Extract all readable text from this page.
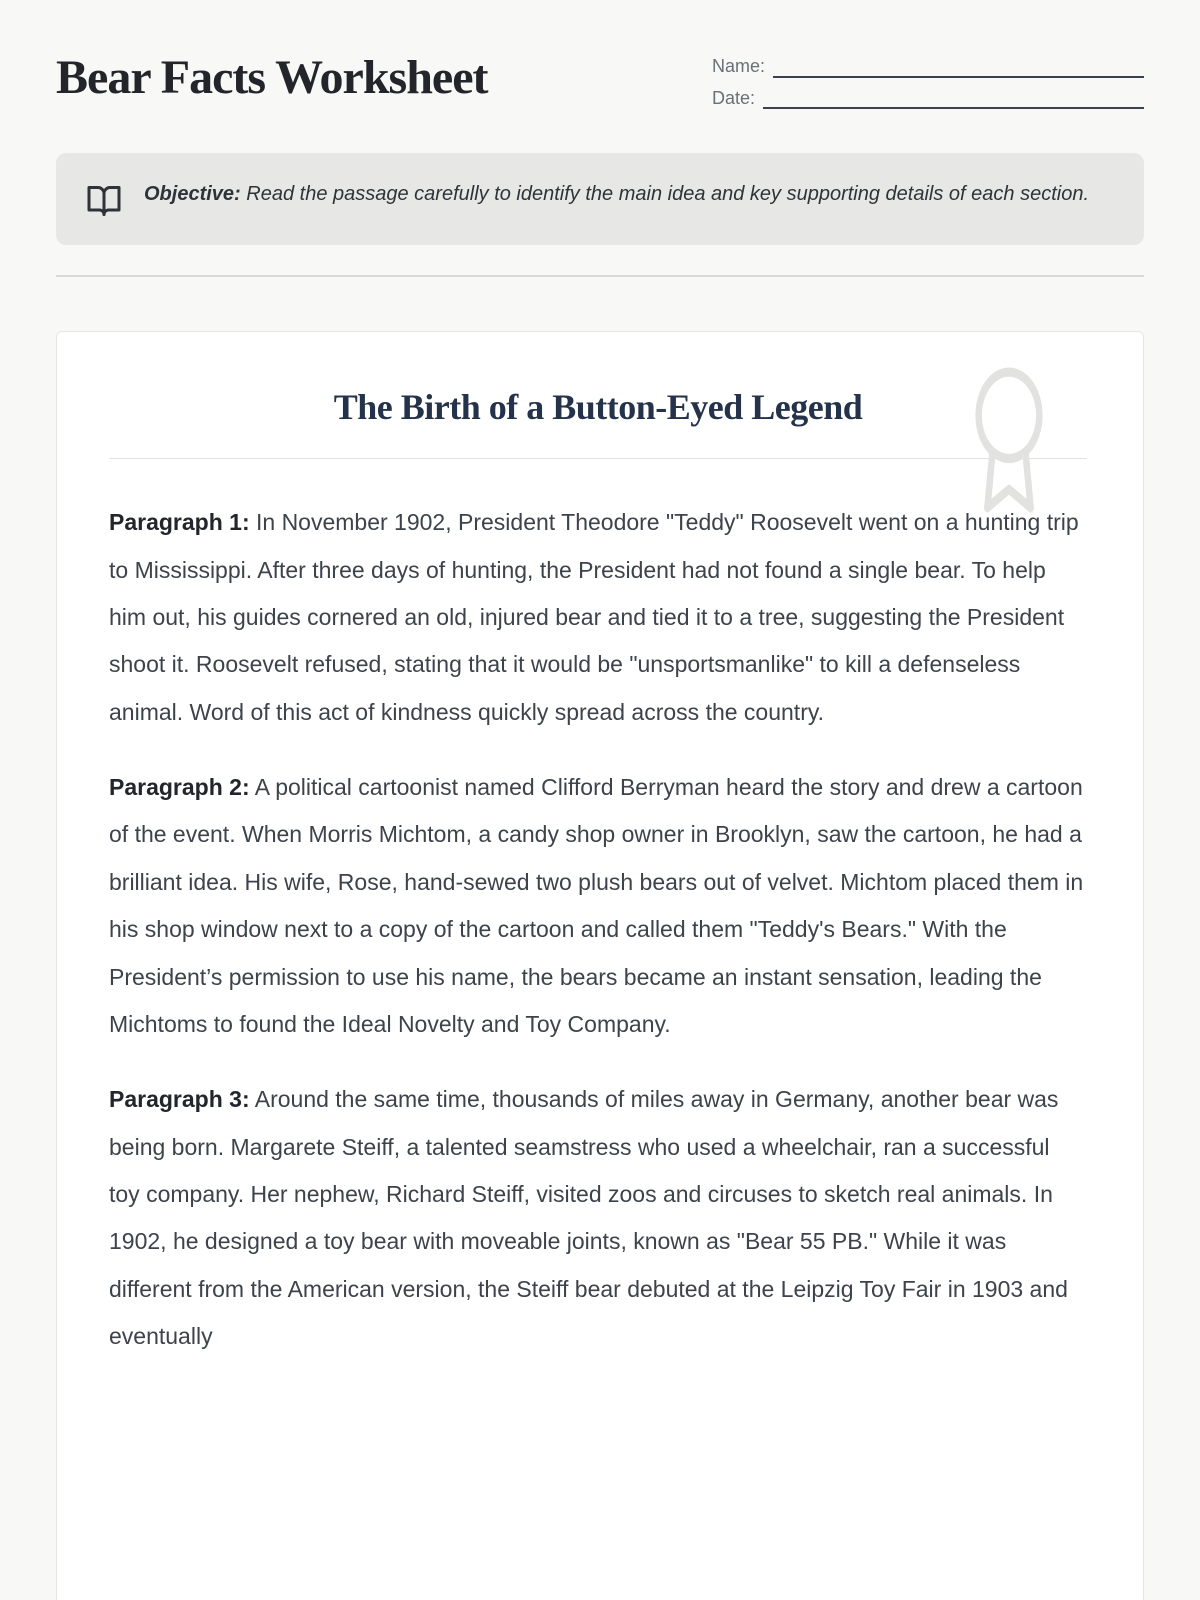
Bear Facts Worksheet	Name:
Date:

Objective: Read the passage carefully to identify the main idea and key supporting details of each section.

The Birth of a Button-Eyed Legend

Paragraph 1: In November 1902, President Theodore "Teddy" Roosevelt went on a hunting trip to Mississippi. After three days of hunting, the President had not found a single bear. To help him out, his guides cornered an old, injured bear and tied it to a tree, suggesting the President shoot it. Roosevelt refused, stating that it would be "unsportsmanlike" to kill a defenseless animal. Word of this act of kindness quickly spread across the country.

Paragraph 2: A political cartoonist named Clifford Berryman heard the story and drew a cartoon of the event. When Morris Michtom, a candy shop owner in Brooklyn, saw the cartoon, he had a brilliant idea. His wife, Rose, hand-sewed two plush bears out of velvet. Michtom placed them in his shop window next to a copy of the cartoon and called them "Teddy's Bears." With the President’s permission to use his name, the bears became an instant sensation, leading the Michtoms to found the Ideal Novelty and Toy Company.

Paragraph 3: Around the same time, thousands of miles away in Germany, another bear was being born. Margarete Steiff, a talented seamstress who used a wheelchair, ran a successful toy company. Her nephew, Richard Steiff, visited zoos and circuses to sketch real animals. In 1902, he designed a toy bear with moveable joints, known as "Bear 55 PB." While it was different from the American version, the Steiff bear debuted at the Leipzig Toy Fair in 1903 and eventually
